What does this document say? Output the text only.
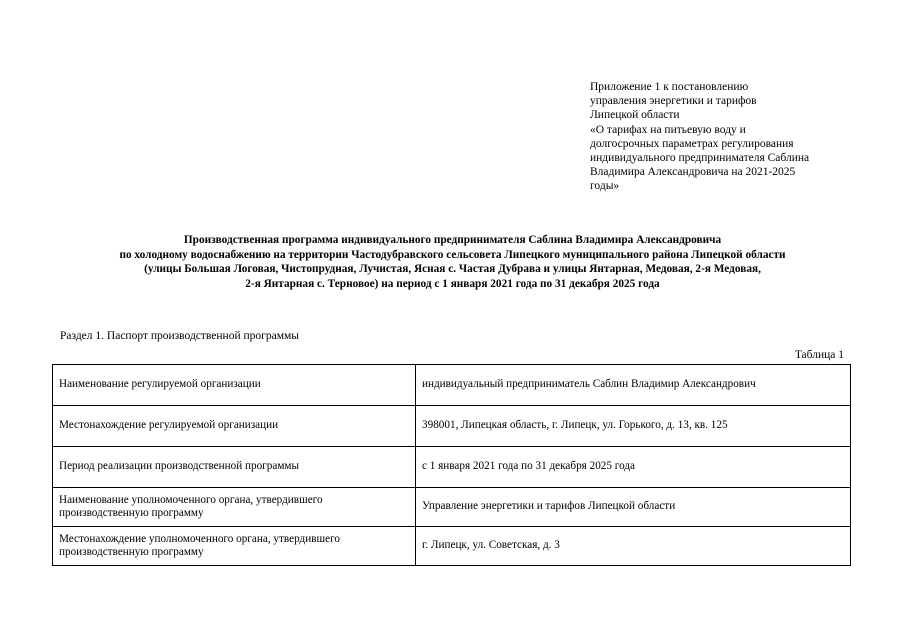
Приложение 1 к постановлению
управления энергетики и тарифов
Липецкой области
«О тарифах на питьевую воду и
долгосрочных параметрах регулирования
индивидуального предпринимателя Саблина
Владимира Александровича на 2021-2025
годы»
Производственная программа индивидуального предпринимателя Саблина Владимира Александровича
по холодному водоснабжению на территории Частодубравского сельсовета Липецкого муниципального района Липецкой области
(улицы Большая Логовая, Чистопрудная, Лучистая, Ясная с. Частая Дубрава и улицы Янтарная, Медовая, 2-я Медовая,
2-я Янтарная с. Терновое) на период с 1 января 2021 года по 31 декабря 2025 года
Раздел 1. Паспорт производственной программы
Таблица 1
Наименование регулируемой организации	индивидуальный предприниматель Саблин Владимир Александрович
Местонахождение регулируемой организации	398001, Липецкая область, г. Липецк, ул. Горького, д. 13, кв. 125
Период реализации производственной программы	с 1 января 2021 года по 31 декабря 2025 года
Наименование уполномоченного органа, утвердившего производственную программу	Управление энергетики и тарифов Липецкой области
Местонахождение уполномоченного органа, утвердившего производственную программу	г. Липецк, ул. Советская, д. 3
